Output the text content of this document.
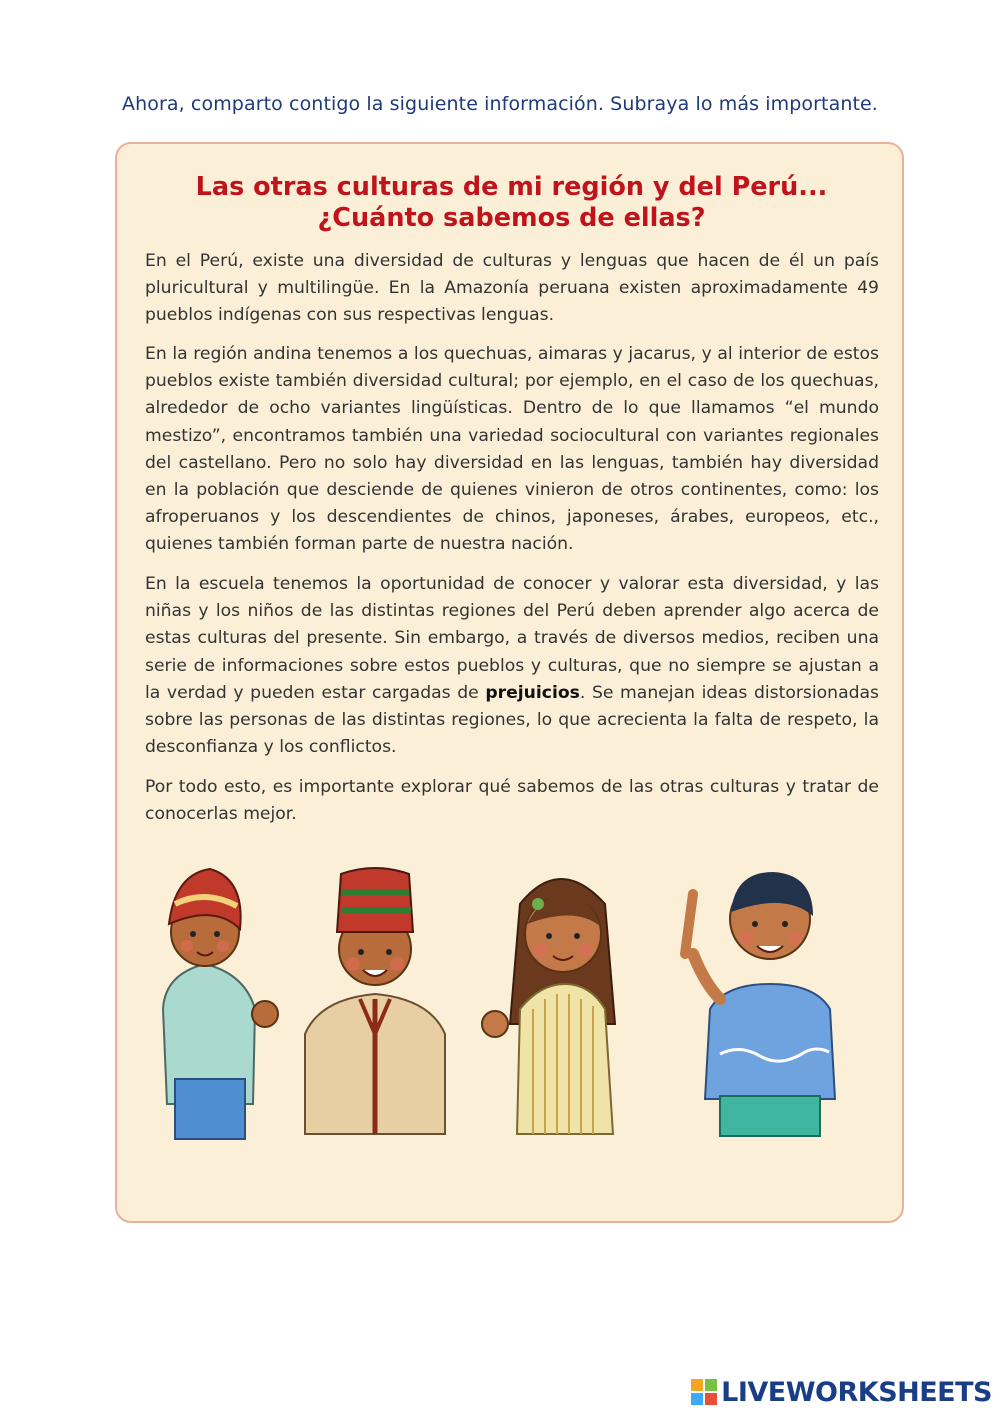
Ahora, comparto contigo la siguiente información. Subraya lo más importante.
Las otras culturas de mi región y del Perú... ¿Cuánto sabemos de ellas?

En el Perú, existe una diversidad de culturas y lenguas que hacen de él un país pluricultural y multilingüe. En la Amazonía peruana existen aproximadamente 49 pueblos indígenas con sus respectivas lenguas.

En la región andina tenemos a los quechuas, aimaras y jacarus, y al interior de estos pueblos existe también diversidad cultural; por ejemplo, en el caso de los quechuas, alrededor de ocho variantes lingüísticas. Dentro de lo que llamamos “el mundo mestizo”, encontramos también una variedad sociocultural con variantes regionales del castellano. Pero no solo hay diversidad en las lenguas, también hay diversidad en la población que desciende de quienes vinieron de otros continentes, como: los afroperuanos y los descendientes de chinos, japoneses, árabes, europeos, etc., quienes también forman parte de nuestra nación.

En la escuela tenemos la oportunidad de conocer y valorar esta diversidad, y las niñas y los niños de las distintas regiones del Perú deben aprender algo acerca de estas culturas del presente. Sin embargo, a través de diversos medios, reciben una serie de informaciones sobre estos pueblos y culturas, que no siempre se ajustan a la verdad y pueden estar cargadas de prejuicios. Se manejan ideas distorsionadas sobre las personas de las distintas regiones, lo que acrecienta la falta de respeto, la desconfianza y los conflictos.

Por todo esto, es importante explorar qué sabemos de las otras culturas y tratar de conocerlas mejor.

LIVEWORKSHEETS
